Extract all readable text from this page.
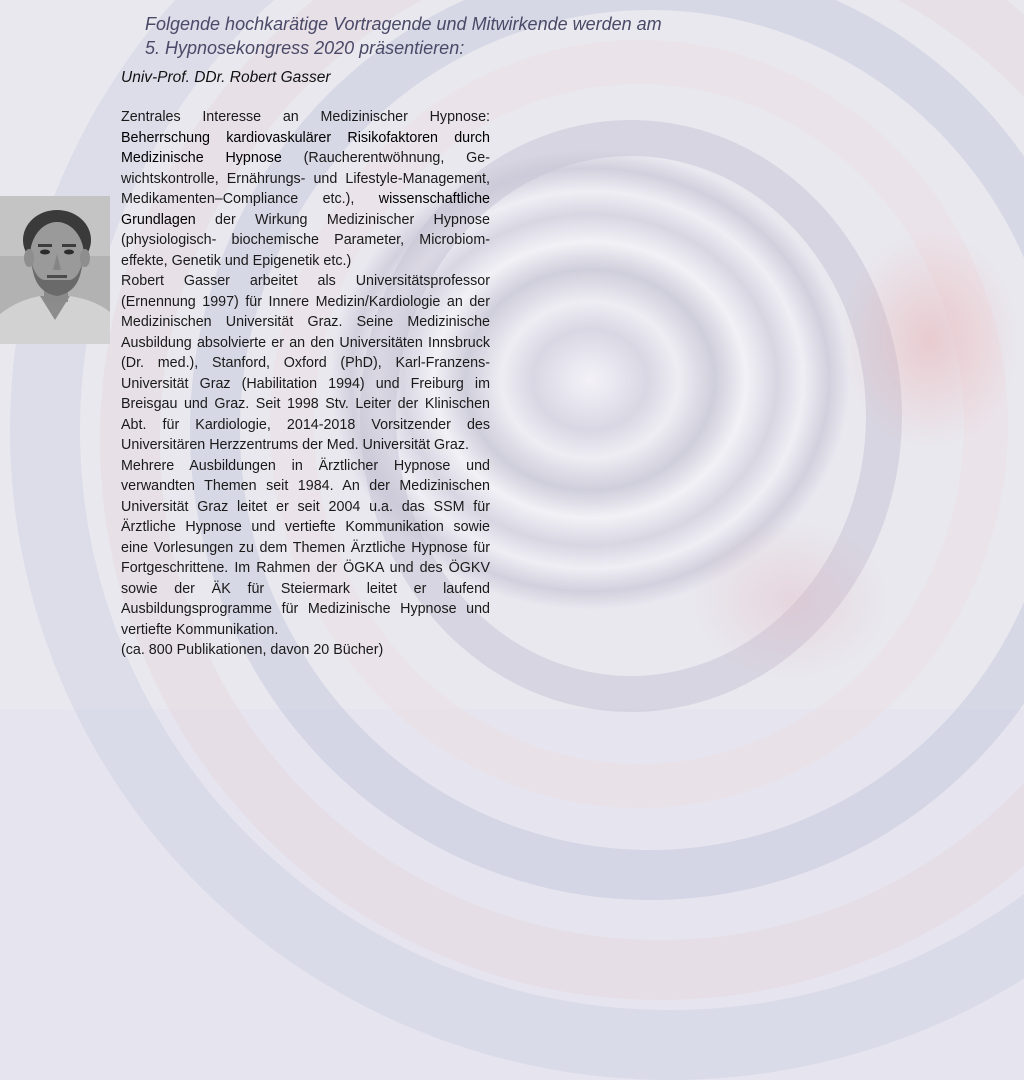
Folgende hochkarätige Vortragende und Mitwirkende werden am
5. Hypnosekongress 2020 präsentieren:

Univ-Prof. DDr. Robert Gasser

Zentrales Interesse an Medizinischer Hypnose: Beherrschung kardiovaskulärer Risikofaktoren durch Medizinische Hypnose (Raucherentwöhnung, Ge-wichtskontrolle, Ernährungs- und Lifestyle-Management, Medikamenten–Compliance etc.), wissenschaftliche Grundlagen der Wirkung Medizinischer Hypnose (physiologisch- biochemische Parameter, Microbiom-effekte, Genetik und Epigenetik etc.)

Robert Gasser arbeitet als Universitätsprofessor (Ernennung 1997) für Innere Medizin/Kardiologie an der Medizinischen Universität Graz. Seine Medizinische Ausbildung absolvierte er an den Universitäten Innsbruck (Dr. med.), Stanford, Oxford (PhD), Karl-Franzens-Universität Graz (Habilitation 1994) und Freiburg im Breisgau und Graz. Seit 1998 Stv. Leiter der Klinischen Abt. für Kardiologie, 2014-2018 Vorsitzender des Universitären Herzzentrums der Med. Universität Graz.

Mehrere Ausbildungen in Ärztlicher Hypnose und verwandten Themen seit 1984. An der Medizinischen Universität Graz leitet er seit 2004 u.a. das SSM für Ärztliche Hypnose und vertiefte Kommunikation sowie eine Vorlesungen zu dem Themen Ärztliche Hypnose für Fortgeschrittene. Im Rahmen der ÖGKA und des ÖGKV sowie der ÄK für Steiermark leitet er laufend Ausbildungsprogramme für Medizinische Hypnose und vertiefte Kommunikation.

(ca. 800 Publikationen, davon 20 Bücher)
